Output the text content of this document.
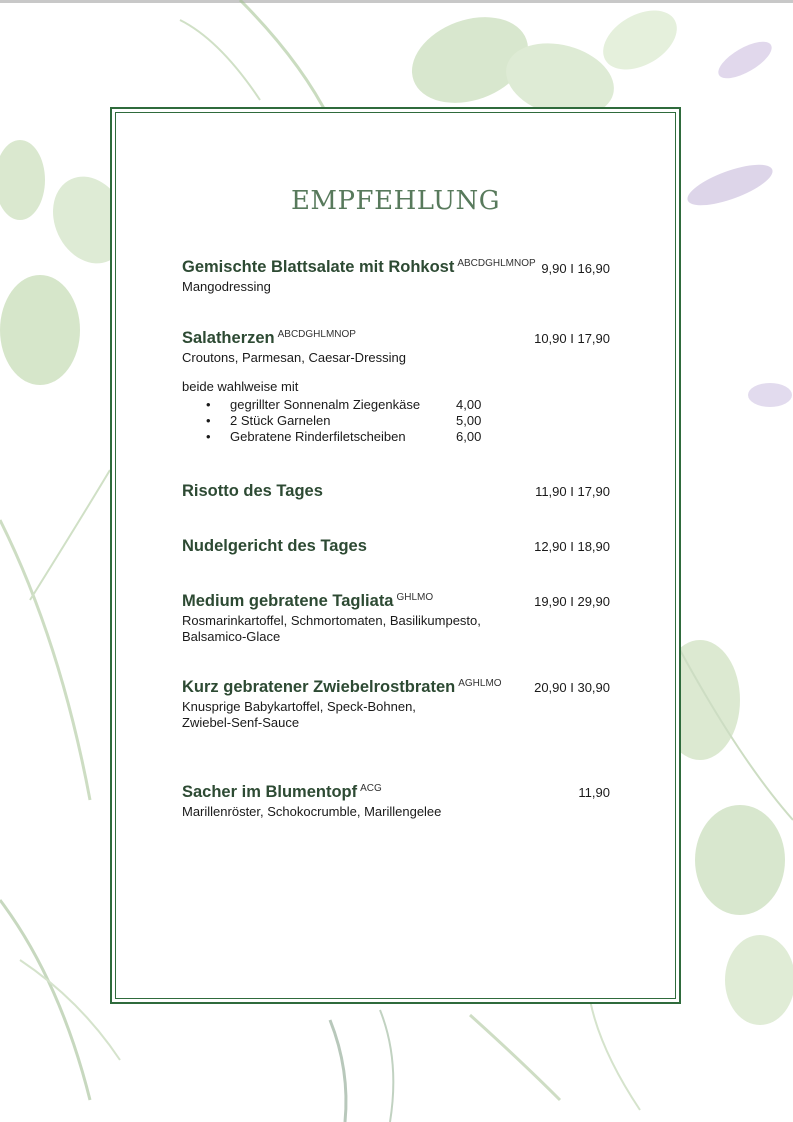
EMPFEHLUNG
Gemischte Blattsalate mit Rohkost $^{ABCDGHLMNOP}$ 9,90 I 16,90
Mangodressing
Salatherzen $^{ABCDGHLMNOP}$	10,90 I 17,90
Croutons, Parmesan, Caesar-Dressing
beide wahlweise mit
• gegrillter Sonnenalm Ziegenkäse	4,00
• 2 Stück Garnelen	5,00
• Gebratene Rinderfiletscheiben	6,00
Risotto des Tages	11,90 I 17,90
Nudelgericht des Tages	12,90 I 18,90
Medium gebratene Tagliata $^{GHLMO}$	19,90 I 29,90
Rosmarinkartoffel, Schmortomaten, Basilikumpesto,
Balsamico-Glace
Kurz gebratener Zwiebelrostbraten $^{AGHLMO}$	20,90 I 30,90
Knusprige Babykartoffel, Speck-Bohnen,
Zwiebel-Senf-Sauce
Sacher im Blumentopf $^{ACG}$	11,90
Marillenröster, Schokocrumble, Marillengelee
